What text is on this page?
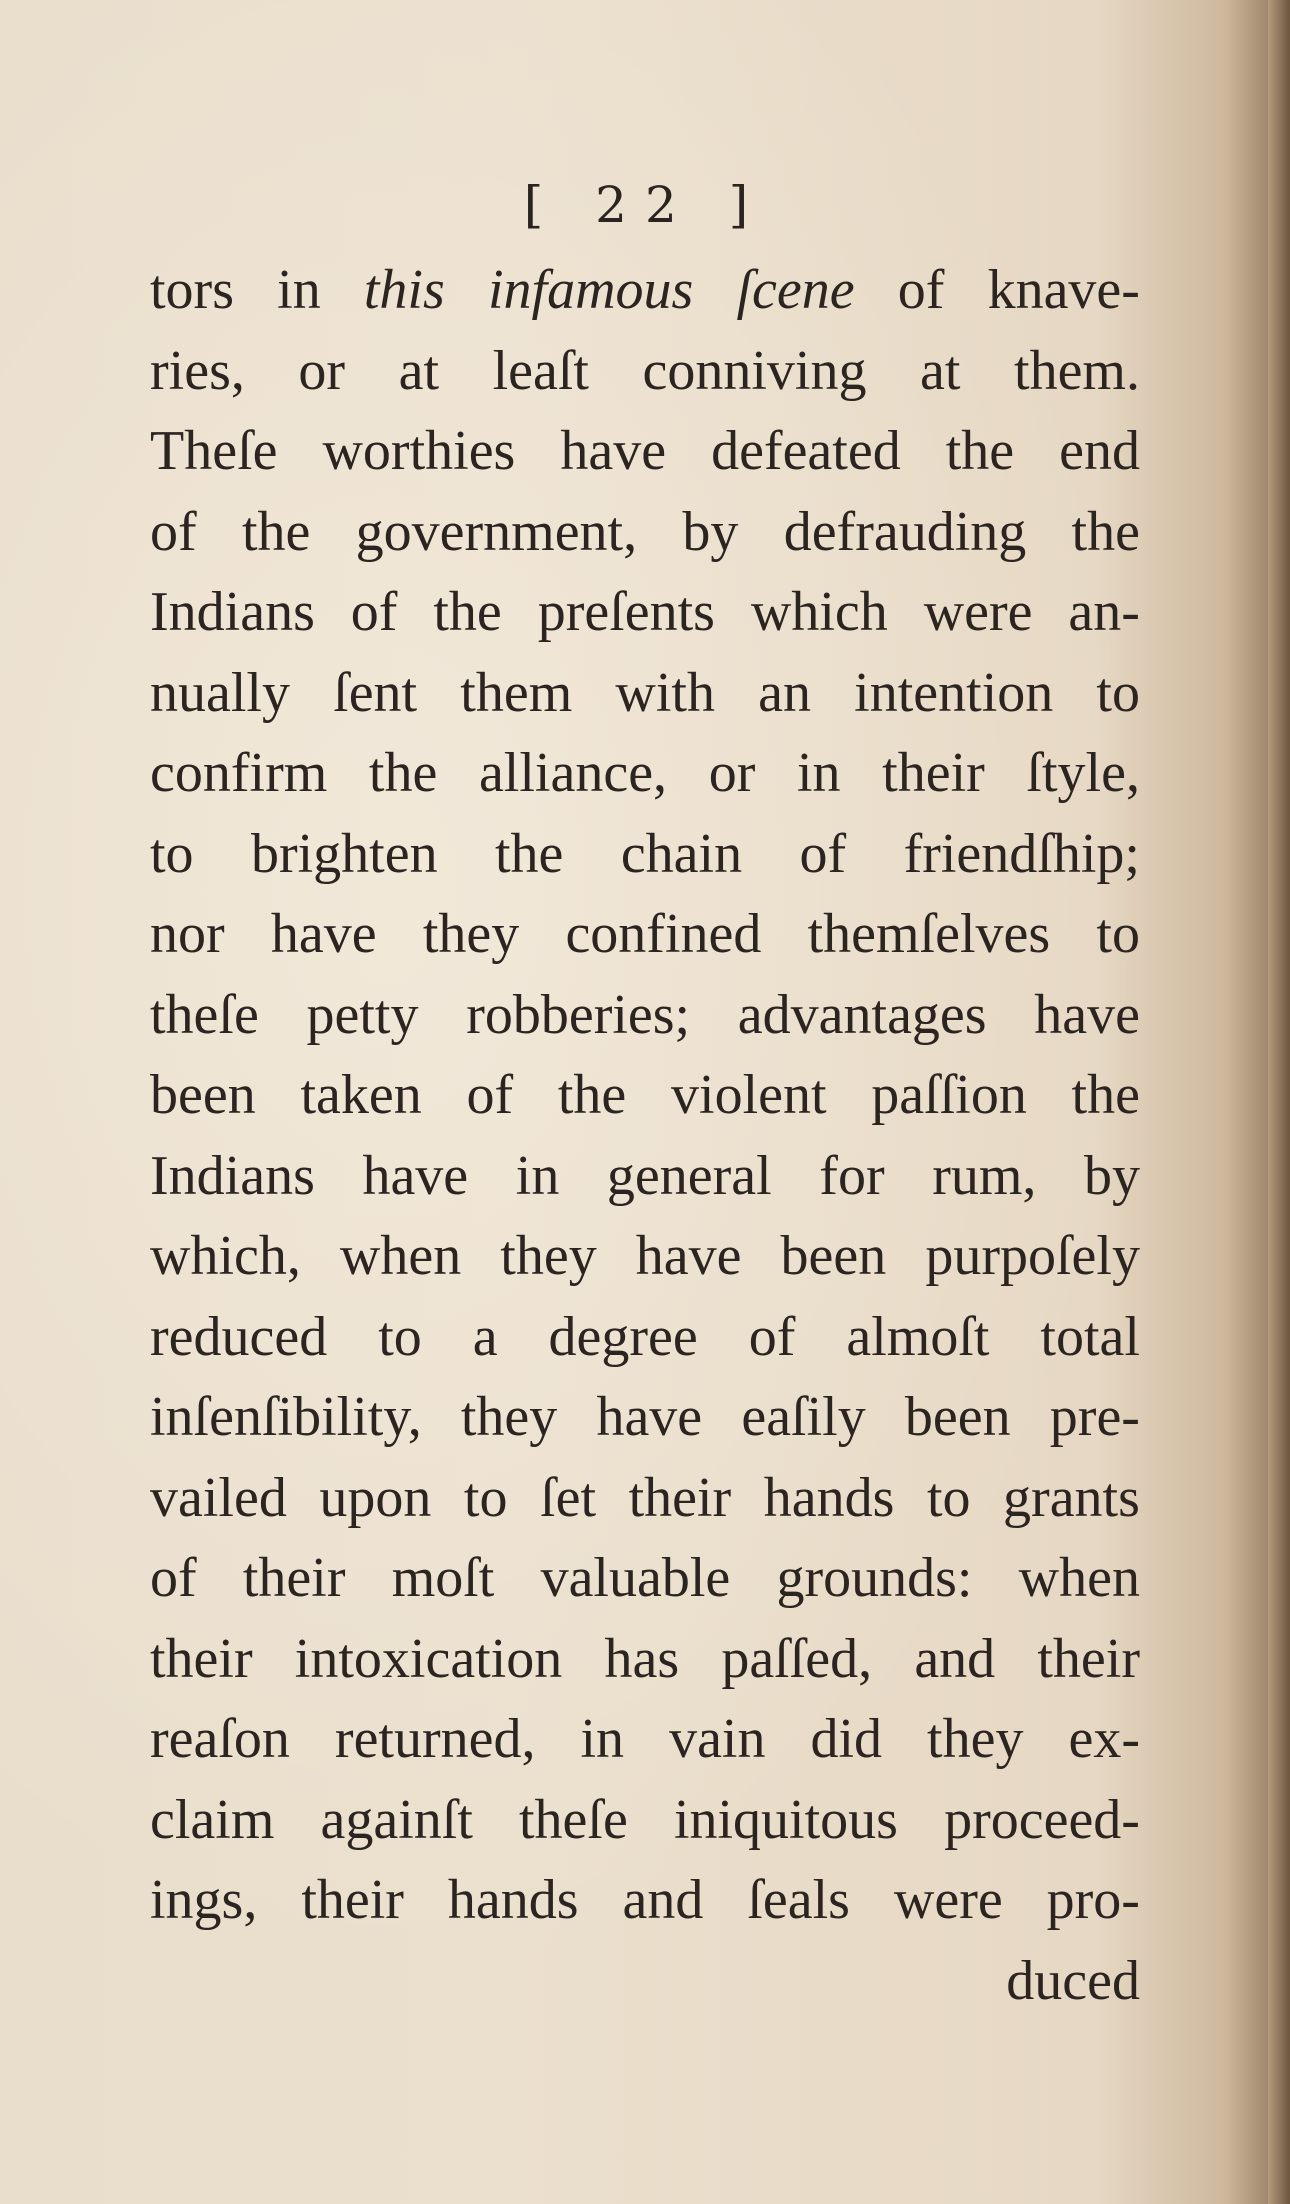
[ 22 ]
tors in this infamous ſcene of knave-
ries, or at leaſt conniving at them.
Theſe worthies have defeated the end
of the government, by defrauding the
Indians of the preſents which were an-
nually ſent them with an intention to
confirm the alliance, or in their ſtyle,
to brighten the chain of friendſhip;
nor have they confined themſelves to
theſe petty robberies; advantages have
been taken of the violent paſſion the
Indians have in general for rum, by
which, when they have been purpoſely
reduced to a degree of almoſt total
inſenſibility, they have eaſily been pre-
vailed upon to ſet their hands to grants
of their moſt valuable grounds: when
their intoxication has paſſed, and their
reaſon returned, in vain did they ex-
claim againſt theſe iniquitous proceed-
ings, their hands and ſeals were pro-
duced
